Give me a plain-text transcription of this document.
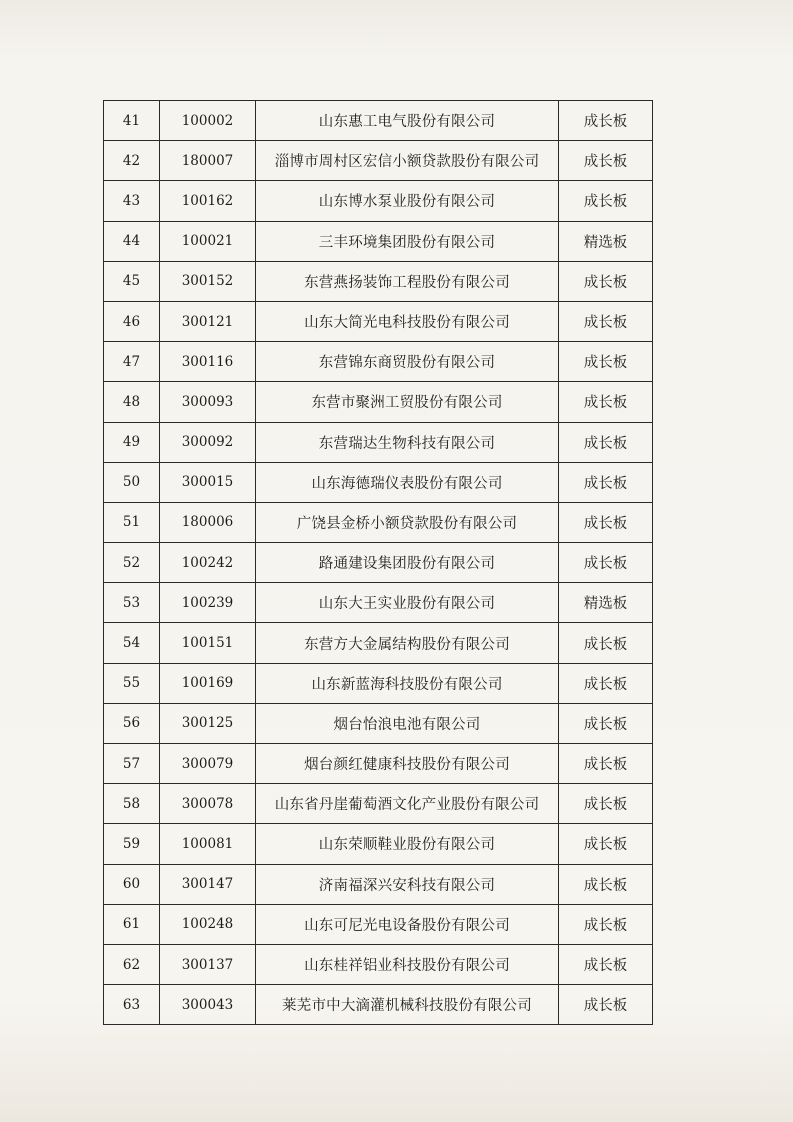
41	100002	山东惠工电气股份有限公司	成长板
42	180007	淄博市周村区宏信小额贷款股份有限公司	成长板
43	100162	山东博水泵业股份有限公司	成长板
44	100021	三丰环境集团股份有限公司	精选板
45	300152	东营燕扬装饰工程股份有限公司	成长板
46	300121	山东大简光电科技股份有限公司	成长板
47	300116	东营锦东商贸股份有限公司	成长板
48	300093	东营市聚洲工贸股份有限公司	成长板
49	300092	东营瑞达生物科技有限公司	成长板
50	300015	山东海德瑞仪表股份有限公司	成长板
51	180006	广饶县金桥小额贷款股份有限公司	成长板
52	100242	路通建设集团股份有限公司	成长板
53	100239	山东大王实业股份有限公司	精选板
54	100151	东营方大金属结构股份有限公司	成长板
55	100169	山东新蓝海科技股份有限公司	成长板
56	300125	烟台怡浪电池有限公司	成长板
57	300079	烟台颜红健康科技股份有限公司	成长板
58	300078	山东省丹崖葡萄酒文化产业股份有限公司	成长板
59	100081	山东荣顺鞋业股份有限公司	成长板
60	300147	济南福深兴安科技有限公司	成长板
61	100248	山东可尼光电设备股份有限公司	成长板
62	300137	山东桂祥铝业科技股份有限公司	成长板
63	300043	莱芜市中大滴灌机械科技股份有限公司	成长板
